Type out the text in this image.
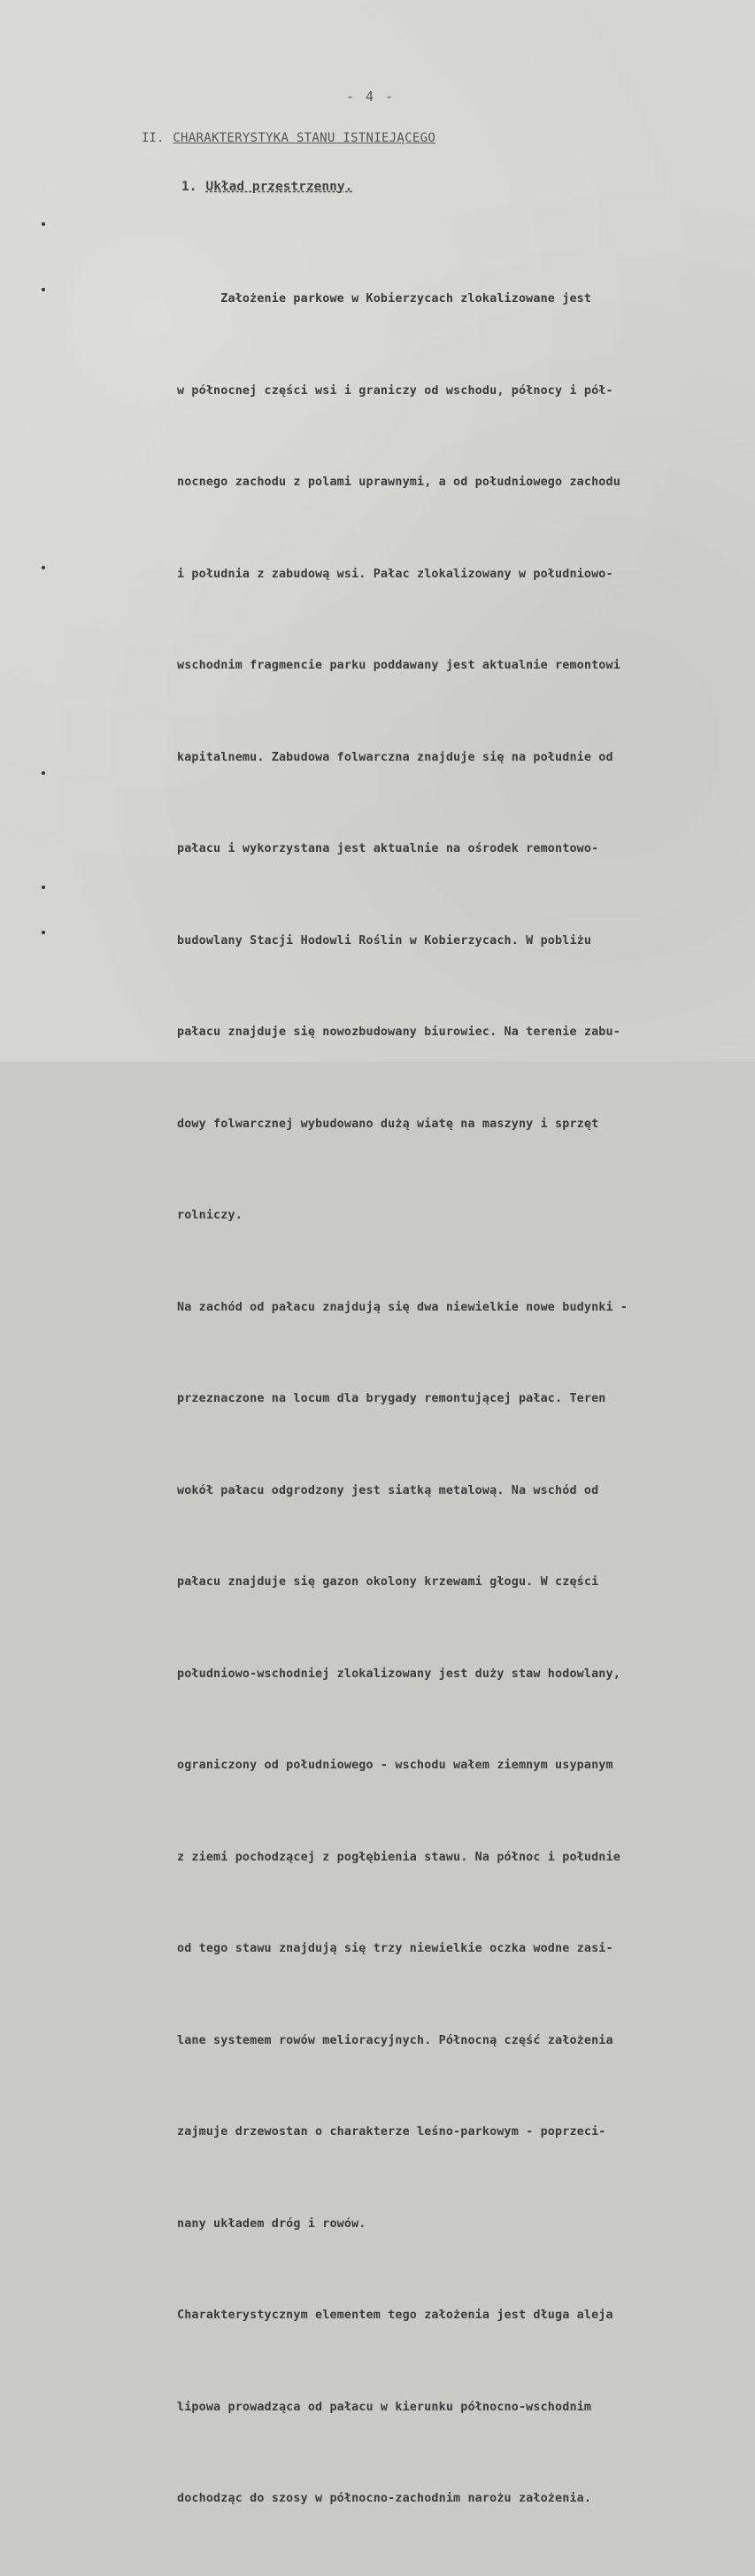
- 4 -
II. CHARAKTERYSTYKA STANU ISTNIEJĄCEGO
1. Układ przestrzenny.

Założenie parkowe w Kobierzycach zlokalizowane jest

w północnej części wsi i graniczy od wschodu, północy i pół-

nocnego zachodu z polami uprawnymi, a od południowego zachodu

i południa z zabudową wsi. Pałac zlokalizowany w południowo-

wschodnim fragmencie parku poddawany jest aktualnie remontowi

kapitalnemu. Zabudowa folwarczna znajduje się na południe od

pałacu i wykorzystana jest aktualnie na ośrodek remontowo-

budowlany Stacji Hodowli Roślin w Kobierzycach. W pobliżu

pałacu znajduje się nowozbudowany biurowiec. Na terenie zabu-

dowy folwarcznej wybudowano dużą wiatę na maszyny i sprzęt

rolniczy.

Na zachód od pałacu znajdują się dwa niewielkie nowe budynki -

przeznaczone na locum dla brygady remontującej pałac. Teren

wokół pałacu odgrodzony jest siatką metalową. Na wschód od

pałacu znajduje się gazon okolony krzewami głogu. W części

południowo-wschodniej zlokalizowany jest duży staw hodowlany,

ograniczony od południowego - wschodu wałem ziemnym usypanym

z ziemi pochodzącej z pogłębienia stawu. Na północ i południe

od tego stawu znajdują się trzy niewielkie oczka wodne zasi-

lane systemem rowów melioracyjnych. Północną część założenia

zajmuje drzewostan o charakterze leśno-parkowym - poprzeci-

nany układem dróg i rowów.

Charakterystycznym elementem tego założenia jest długa aleja

lipowa prowadząca od pałacu w kierunku północno-wschodnim

dochodząc do szosy w północno-zachodnim narożu założenia.
